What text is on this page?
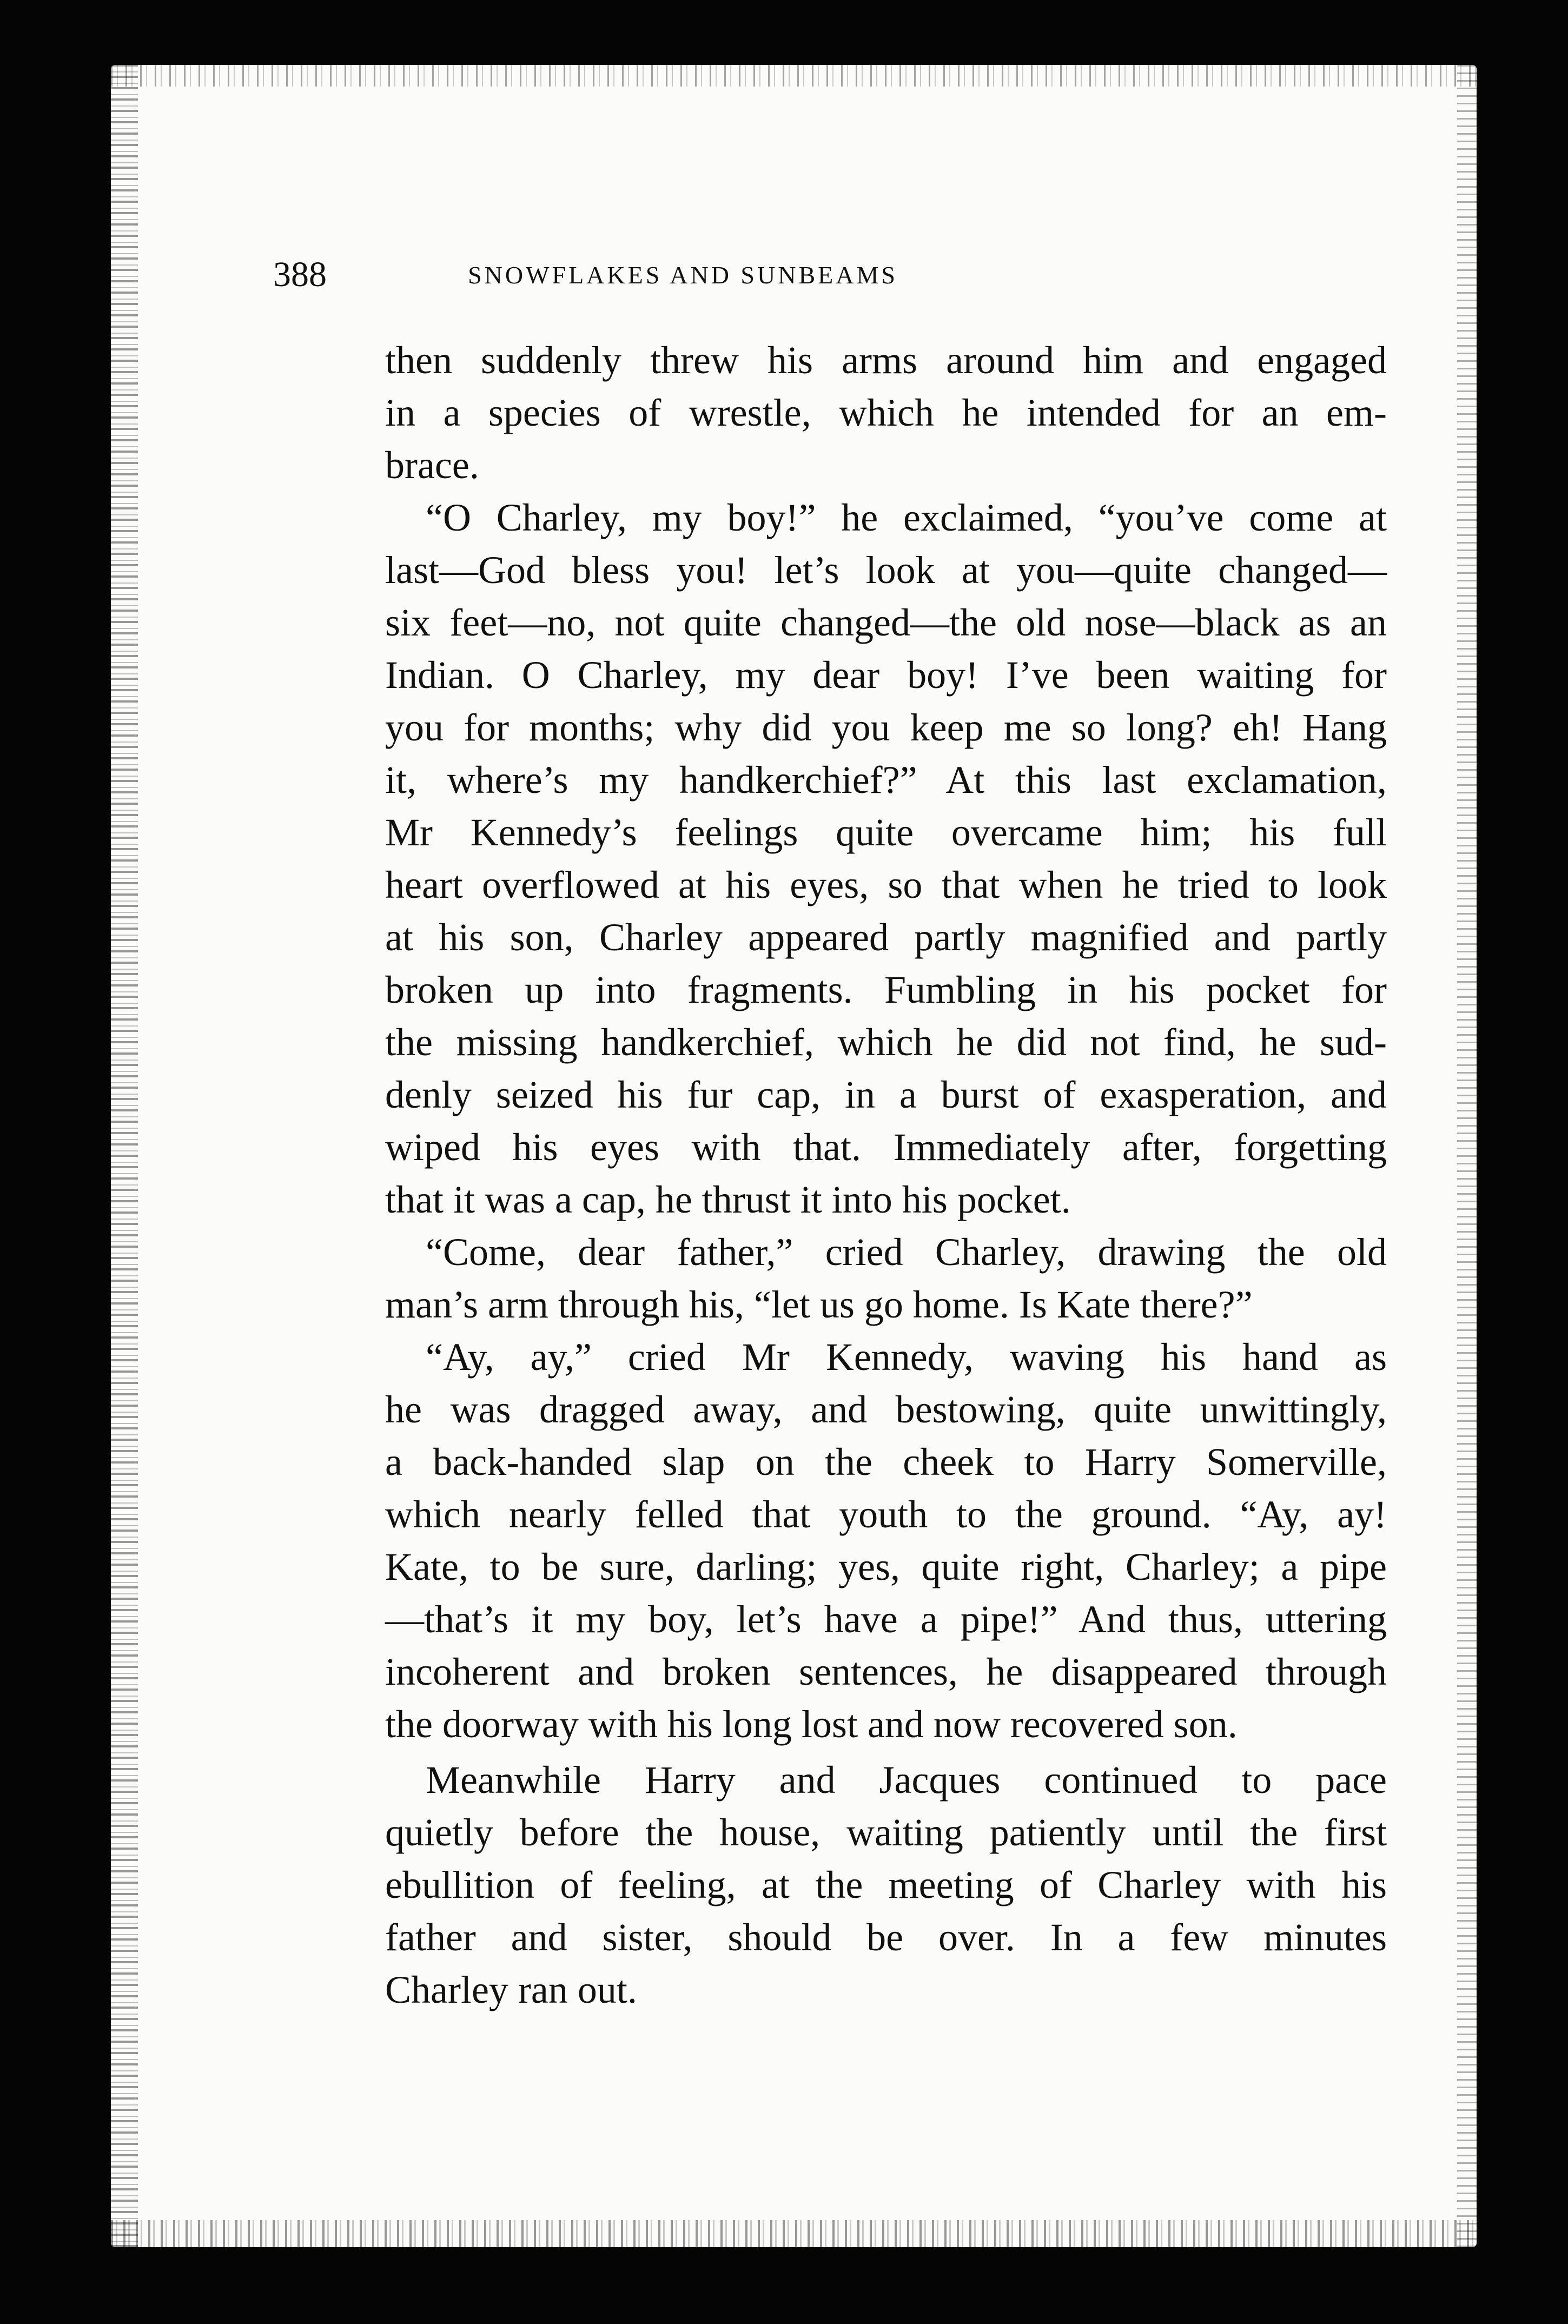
388	SNOWFLAKES AND SUNBEAMS
then suddenly threw his arms around him and engaged
in a species of wrestle, which he intended for an em-
brace.
“O Charley, my boy!” he exclaimed, “you’ve come at
last—God bless you! let’s look at you—quite changed—
six feet—no, not quite changed—the old nose—black as an
Indian. O Charley, my dear boy! I’ve been waiting for
you for months; why did you keep me so long? eh! Hang
it, where’s my handkerchief?” At this last exclamation,
Mr Kennedy’s feelings quite overcame him; his full
heart overflowed at his eyes, so that when he tried to look
at his son, Charley appeared partly magnified and partly
broken up into fragments. Fumbling in his pocket for
the missing handkerchief, which he did not find, he sud-
denly seized his fur cap, in a burst of exasperation, and
wiped his eyes with that. Immediately after, forgetting
that it was a cap, he thrust it into his pocket.
“Come, dear father,” cried Charley, drawing the old
man’s arm through his, “let us go home. Is Kate there?”
“Ay, ay,” cried Mr Kennedy, waving his hand as
he was dragged away, and bestowing, quite unwittingly,
a back-handed slap on the cheek to Harry Somerville,
which nearly felled that youth to the ground. “Ay, ay!
Kate, to be sure, darling; yes, quite right, Charley; a pipe
—that’s it my boy, let’s have a pipe!” And thus, uttering
incoherent and broken sentences, he disappeared through
the doorway with his long lost and now recovered son.
Meanwhile Harry and Jacques continued to pace
quietly before the house, waiting patiently until the first
ebullition of feeling, at the meeting of Charley with his
father and sister, should be over. In a few minutes
Charley ran out.
